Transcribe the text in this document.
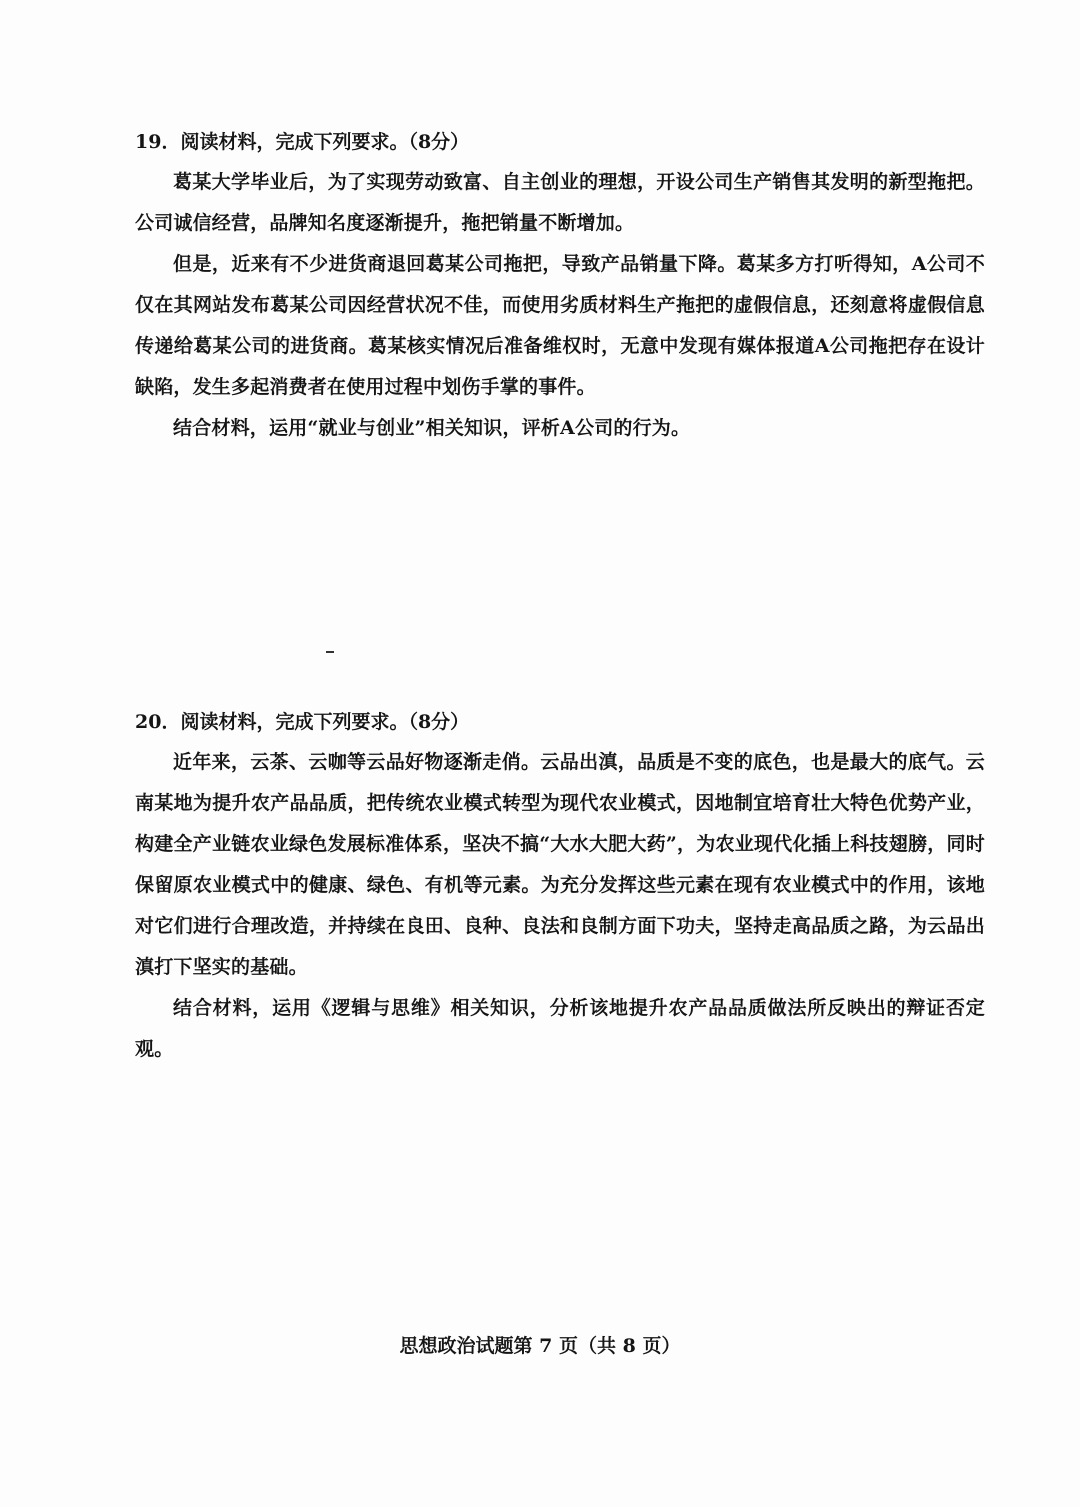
19．阅读材料，完成下列要求。（8分）

葛某大学毕业后，为了实现劳动致富、自主创业的理想，开设公司生产销售其发明的新型拖把。公司诚信经营，品牌知名度逐渐提升，拖把销量不断增加。

但是，近来有不少进货商退回葛某公司拖把，导致产品销量下降。葛某多方打听得知，A公司不仅在其网站发布葛某公司因经营状况不佳，而使用劣质材料生产拖把的虚假信息，还刻意将虚假信息传递给葛某公司的进货商。葛某核实情况后准备维权时，无意中发现有媒体报道A公司拖把存在设计缺陷，发生多起消费者在使用过程中划伤手掌的事件。

结合材料，运用“就业与创业”相关知识，评析A公司的行为。

20．阅读材料，完成下列要求。（8分）

近年来，云茶、云咖等云品好物逐渐走俏。云品出滇，品质是不变的底色，也是最大的底气。云南某地为提升农产品品质，把传统农业模式转型为现代农业模式，因地制宜培育壮大特色优势产业，构建全产业链农业绿色发展标准体系，坚决不搞“大水大肥大药”，为农业现代化插上科技翅膀，同时保留原农业模式中的健康、绿色、有机等元素。为充分发挥这些元素在现有农业模式中的作用，该地对它们进行合理改造，并持续在良田、良种、良法和良制方面下功夫，坚持走高品质之路，为云品出滇打下坚实的基础。

结合材料，运用《逻辑与思维》相关知识，分析该地提升农产品品质做法所反映出的辩证否定观。

思想政治试题第 7 页（共 8 页）
